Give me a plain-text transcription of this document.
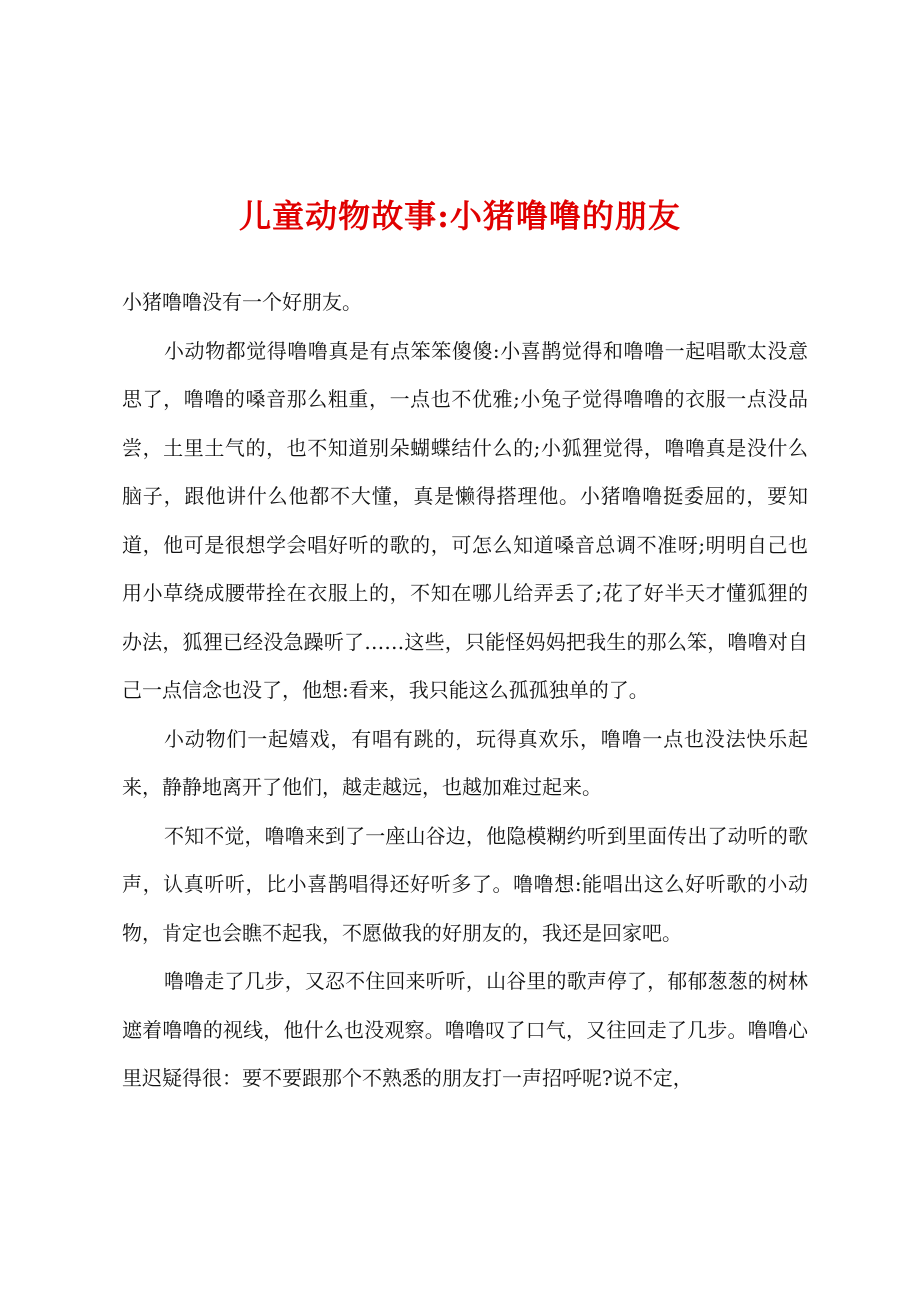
儿童动物故事:小猪噜噜的朋友

小猪噜噜没有一个好朋友。

小动物都觉得噜噜真是有点笨笨傻傻:小喜鹊觉得和噜噜一起唱歌太没意思了，噜噜的嗓音那么粗重，一点也不优雅;小兔子觉得噜噜的衣服一点没品尝，土里土气的，也不知道别朵蝴蝶结什么的;小狐狸觉得，噜噜真是没什么脑子，跟他讲什么他都不大懂，真是懒得搭理他。小猪噜噜挺委屈的，要知道，他可是很想学会唱好听的歌的，可怎么知道嗓音总调不准呀;明明自己也用小草绕成腰带拴在衣服上的，不知在哪儿给弄丢了;花了好半天才懂狐狸的办法，狐狸已经没急躁听了……这些，只能怪妈妈把我生的那么笨，噜噜对自己一点信念也没了，他想:看来，我只能这么孤孤独单的了。

小动物们一起嬉戏，有唱有跳的，玩得真欢乐，噜噜一点也没法快乐起来，静静地离开了他们，越走越远，也越加难过起来。

不知不觉，噜噜来到了一座山谷边，他隐模糊约听到里面传出了动听的歌声，认真听听，比小喜鹊唱得还好听多了。噜噜想:能唱出这么好听歌的小动物，肯定也会瞧不起我，不愿做我的好朋友的，我还是回家吧。

噜噜走了几步，又忍不住回来听听，山谷里的歌声停了，郁郁葱葱的树林遮着噜噜的视线，他什么也没观察。噜噜叹了口气，又往回走了几步。噜噜心里迟疑得很：要不要跟那个不熟悉的朋友打一声招呼呢?说不定，
